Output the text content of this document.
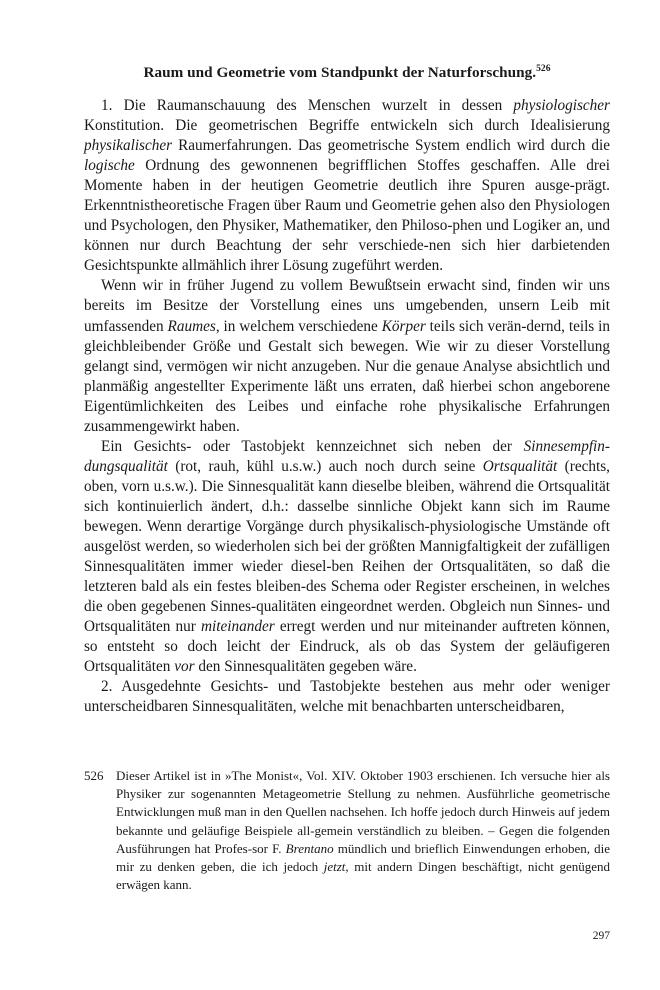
Raum und Geometrie vom Standpunkt der Naturforschung.$^{526}$

1. Die Raumanschauung des Menschen wurzelt in dessen physiologischer Konstitution. Die geometrischen Begriffe entwickeln sich durch Idealisierung physikalischer Raumerfahrungen. Das geometrische System endlich wird durch die logische Ordnung des gewonnenen begrifflichen Stoffes geschaffen. Alle drei Momente haben in der heutigen Geometrie deutlich ihre Spuren ausge-prägt. Erkenntnistheoretische Fragen über Raum und Geometrie gehen also den Physiologen und Psychologen, den Physiker, Mathematiker, den Philoso-phen und Logiker an, und können nur durch Beachtung der sehr verschiede-nen sich hier darbietenden Gesichtspunkte allmählich ihrer Lösung zugeführt werden.

Wenn wir in früher Jugend zu vollem Bewußtsein erwacht sind, finden wir uns bereits im Besitze der Vorstellung eines uns umgebenden, unsern Leib mit umfassenden Raumes, in welchem verschiedene Körper teils sich verän-dernd, teils in gleichbleibender Größe und Gestalt sich bewegen. Wie wir zu dieser Vorstellung gelangt sind, vermögen wir nicht anzugeben. Nur die genaue Analyse absichtlich und planmäßig angestellter Experimente läßt uns erraten, daß hierbei schon angeborene Eigentümlichkeiten des Leibes und einfache rohe physikalische Erfahrungen zusammengewirkt haben.

Ein Gesichts- oder Tastobjekt kennzeichnet sich neben der Sinnesempfin-dungsqualität (rot, rauh, kühl u.s.w.) auch noch durch seine Ortsqualität (rechts, oben, vorn u.s.w.). Die Sinnesqualität kann dieselbe bleiben, während die Ortsqualität sich kontinuierlich ändert, d.h.: dasselbe sinnliche Objekt kann sich im Raume bewegen. Wenn derartige Vorgänge durch physikalisch-physiologische Umstände oft ausgelöst werden, so wiederholen sich bei der größten Mannigfaltigkeit der zufälligen Sinnesqualitäten immer wieder diesel-ben Reihen der Ortsqualitäten, so daß die letzteren bald als ein festes bleiben-des Schema oder Register erscheinen, in welches die oben gegebenen Sinnes-qualitäten eingeordnet werden. Obgleich nun Sinnes- und Ortsqualitäten nur miteinander erregt werden und nur miteinander auftreten können, so entsteht so doch leicht der Eindruck, als ob das System der geläufigeren Ortsqualitäten vor den Sinnesqualitäten gegeben wäre.

2. Ausgedehnte Gesichts- und Tastobjekte bestehen aus mehr oder weniger unterscheidbaren Sinnesqualitäten, welche mit benachbarten unterscheidbaren,

526 Dieser Artikel ist in »The Monist«, Vol. XIV. Oktober 1903 erschienen. Ich versuche hier als Physiker zur sogenannten Metageometrie Stellung zu nehmen. Ausführliche geometrische Entwicklungen muß man in den Quellen nachsehen. Ich hoffe jedoch durch Hinweis auf jedem bekannte und geläufige Beispiele all-gemein verständlich zu bleiben. – Gegen die folgenden Ausführungen hat Profes-sor F. Brentano mündlich und brieflich Einwendungen erhoben, die mir zu denken geben, die ich jedoch jetzt, mit andern Dingen beschäftigt, nicht genügend erwägen kann.
297
